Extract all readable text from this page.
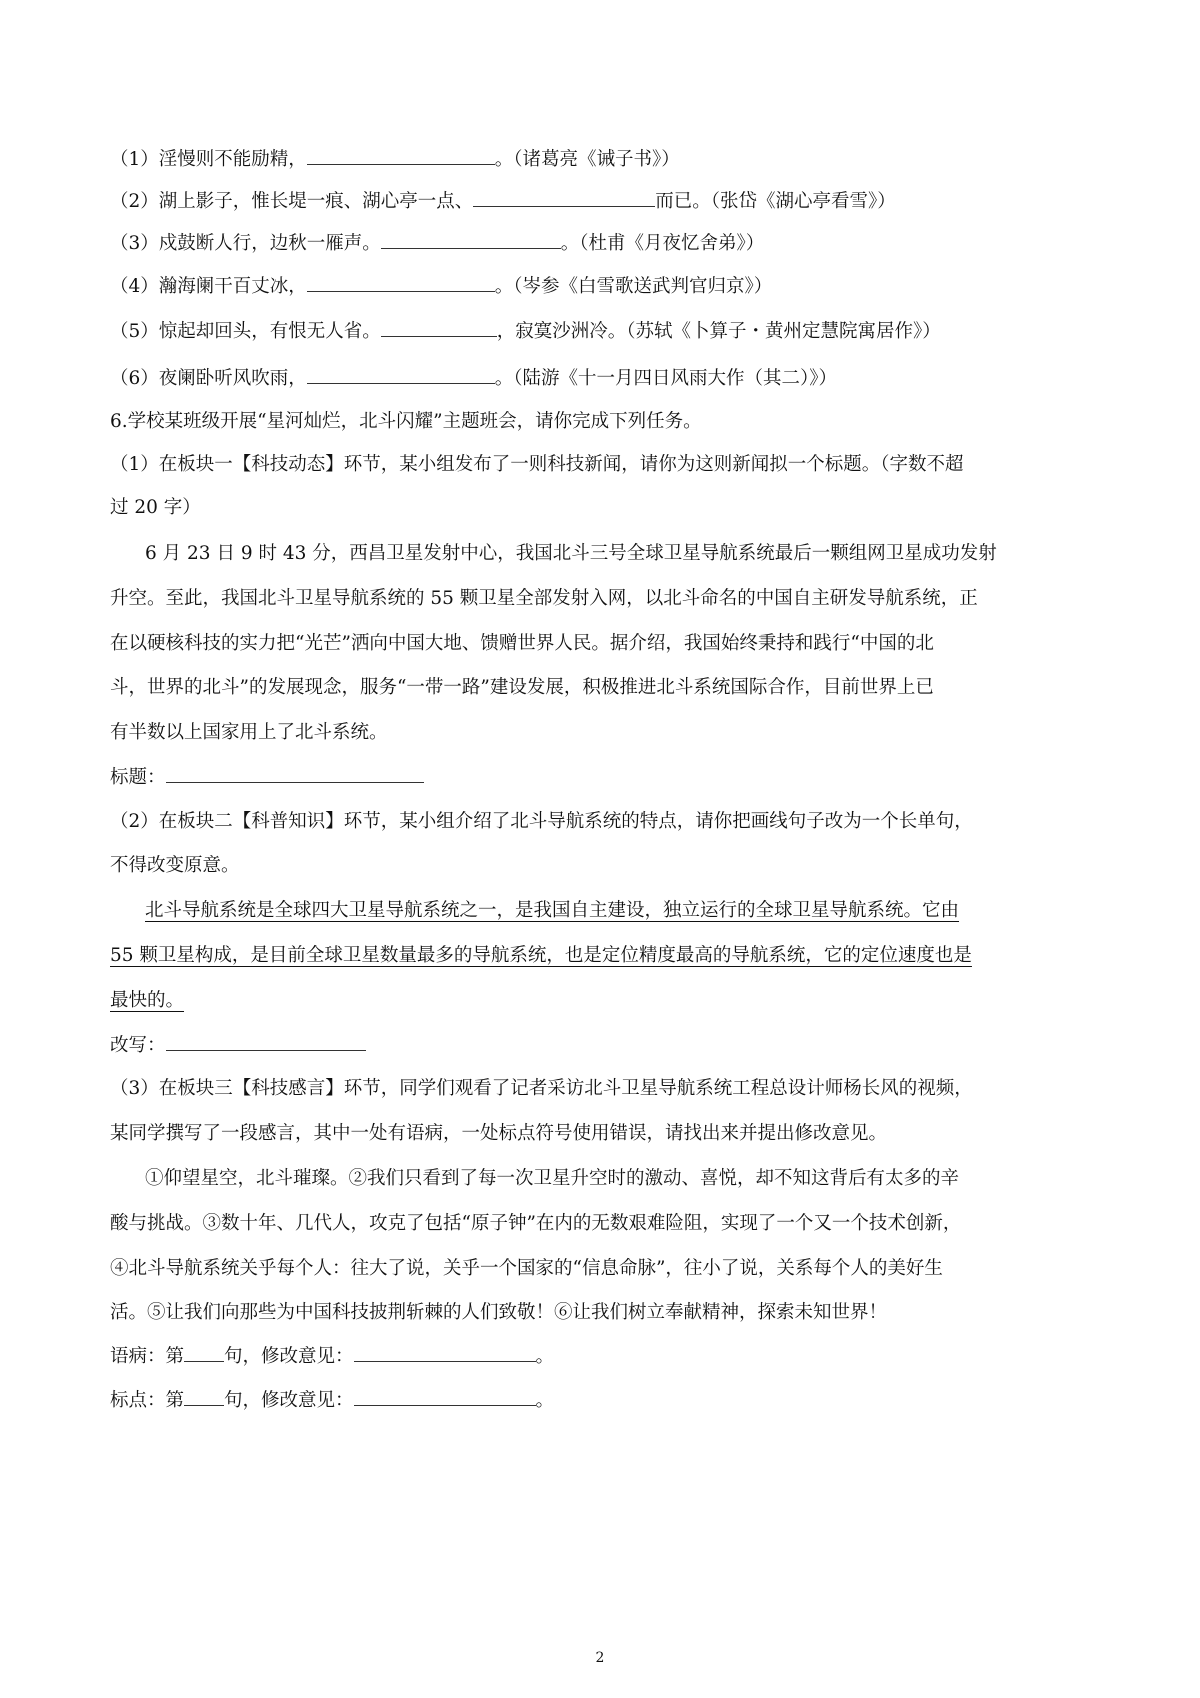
（1）淫慢则不能励精，	。（诸葛亮《诫子书》）
（2）湖上影子，惟长堤一痕、湖心亭一点、	而已。（张岱《湖心亭看雪》）
（3）戍鼓断人行，边秋一雁声。	。（杜甫《月夜忆舍弟》）
（4）瀚海阑干百丈冰，	。（岑参《白雪歌送武判官归京》）
（5）惊起却回头，有恨无人省。	，寂寞沙洲冷。（苏轼《卜算子・黄州定慧院寓居作》）
（6）夜阑卧听风吹雨，	。（陆游《十一月四日风雨大作（其二）》）
6.学校某班级开展“星河灿烂，北斗闪耀”主题班会，请你完成下列任务。
（1）在板块一【科技动态】环节，某小组发布了一则科技新闻，请你为这则新闻拟一个标题。（字数不超
过 20 字）
6 月 23 日 9 时 43 分，西昌卫星发射中心，我国北斗三号全球卫星导航系统最后一颗组网卫星成功发射
升空。至此，我国北斗卫星导航系统的 55 颗卫星全部发射入网，以北斗命名的中国自主研发导航系统，正
在以硬核科技的实力把“光芒”洒向中国大地、馈赠世界人民。据介绍，我国始终秉持和践行“中国的北
斗，世界的北斗”的发展现念，服务“一带一路”建设发展，积极推进北斗系统国际合作，目前世界上已
有半数以上国家用上了北斗系统。
标题：
（2）在板块二【科普知识】环节，某小组介绍了北斗导航系统的特点，请你把画线句子改为一个长单句，
不得改变原意。
北斗导航系统是全球四大卫星导航系统之一，是我国自主建设，独立运行的全球卫星导航系统。它由
55 颗卫星构成，是目前全球卫星数量最多的导航系统，也是定位精度最高的导航系统，它的定位速度也是
最快的。
改写：
（3）在板块三【科技感言】环节，同学们观看了记者采访北斗卫星导航系统工程总设计师杨长风的视频，
某同学撰写了一段感言，其中一处有语病，一处标点符号使用错误，请找出来并提出修改意见。
①仰望星空，北斗璀璨。②我们只看到了每一次卫星升空时的激动、喜悦，却不知这背后有太多的辛
酸与挑战。③数十年、几代人，攻克了包括“原子钟”在内的无数艰难险阻，实现了一个又一个技术创新，
④北斗导航系统关乎每个人：往大了说，关乎一个国家的“信息命脉”，往小了说，关系每个人的美好生
活。⑤让我们向那些为中国科技披荆斩棘的人们致敬！⑥让我们树立奉献精神，探索未知世界！
语病：第 句，修改意见：	。
标点：第 句，修改意见：	。
2
